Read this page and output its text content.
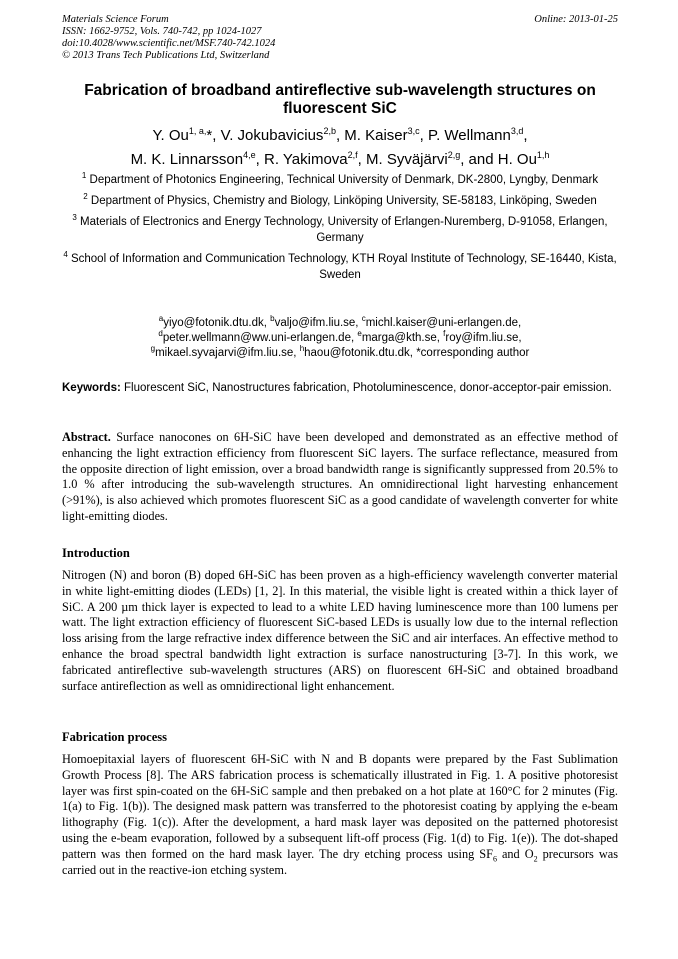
Materials Science Forum
ISSN: 1662-9752, Vols. 740-742, pp 1024-1027
doi:10.4028/www.scientific.net/MSF.740-742.1024
© 2013 Trans Tech Publications Ltd, Switzerland
Online: 2013-01-25
Fabrication of broadband antireflective sub-wavelength structures on fluorescent SiC
Y. $Ou^{1, a,}*$, V. Jokubavicius$^{2,b}$, M. Kaiser$^{3,c}$, P. Wellmann$^{3,d}$,
M. K. Linnarsson$^{4,e}$, R. Yakimova$^{2,f}$, M. Syväjärvi$^{2,g}$, and H. Ou$^{1,h}$
$^1$ Department of Photonics Engineering, Technical University of Denmark, DK-2800, Lyngby, Denmark
$^2$ Department of Physics, Chemistry and Biology, Linköping University, SE-58183, Linköping, Sweden
$^3$ Materials of Electronics and Energy Technology, University of Erlangen-Nuremberg, D-91058, Erlangen, Germany
$^4$ School of Information and Communication Technology, KTH Royal Institute of Technology, SE-16440, Kista, Sweden
$^a$yiyo@fotonik.dtu.dk, $^b$valjo@ifm.liu.se, $^c$michl.kaiser@uni-erlangen.de,
$^d$peter.wellmann@ww.uni-erlangen.de, $^e$marga@kth.se, $^f$roy@ifm.liu.se,
$^g$mikael.syvajarvi@ifm.liu.se, $^h$haou@fotonik.dtu.dk, *corresponding author
Keywords: Fluorescent SiC, Nanostructures fabrication, Photoluminescence, donor-acceptor-pair emission.
Abstract. Surface nanocones on 6H-SiC have been developed and demonstrated as an effective method of enhancing the light extraction efficiency from fluorescent SiC layers. The surface reflectance, measured from the opposite direction of light emission, over a broad bandwidth range is significantly suppressed from 20.5% to 1.0 % after introducing the sub-wavelength structures. An omnidirectional light harvesting enhancement (>91%), is also achieved which promotes fluorescent SiC as a good candidate of wavelength converter for white light-emitting diodes.
Introduction
Nitrogen (N) and boron (B) doped 6H-SiC has been proven as a high-efficiency wavelength converter material in white light-emitting diodes (LEDs) [1, 2]. In this material, the visible light is created within a thick layer of SiC. A 200 µm thick layer is expected to lead to a white LED having luminescence more than 100 lumens per watt. The light extraction efficiency of fluorescent SiC-based LEDs is usually low due to the internal reflection loss arising from the large refractive index difference between the SiC and air interfaces. An effective method to enhance the broad spectral bandwidth light extraction is surface nanostructuring [3-7]. In this work, we fabricated antireflective sub-wavelength structures (ARS) on fluorescent 6H-SiC and obtained broadband surface antireflection as well as omnidirectional light enhancement.
Fabrication process
Homoepitaxial layers of fluorescent 6H-SiC with N and B dopants were prepared by the Fast Sublimation Growth Process [8]. The ARS fabrication process is schematically illustrated in Fig. 1. A positive photoresist layer was first spin-coated on the 6H-SiC sample and then prebaked on a hot plate at 160°C for 2 minutes (Fig. 1(a) to Fig. 1(b)). The designed mask pattern was transferred to the photoresist coating by applying the e-beam lithography (Fig. 1(c)). After the development, a hard mask layer was deposited on the patterned photoresist using the e-beam evaporation, followed by a subsequent lift-off process (Fig. 1(d) to Fig. 1(e)). The dot-shaped pattern was then formed on the hard mask layer. The dry etching process using $SF_6$ and $O_2$ precursors was carried out in the reactive-ion etching system.
